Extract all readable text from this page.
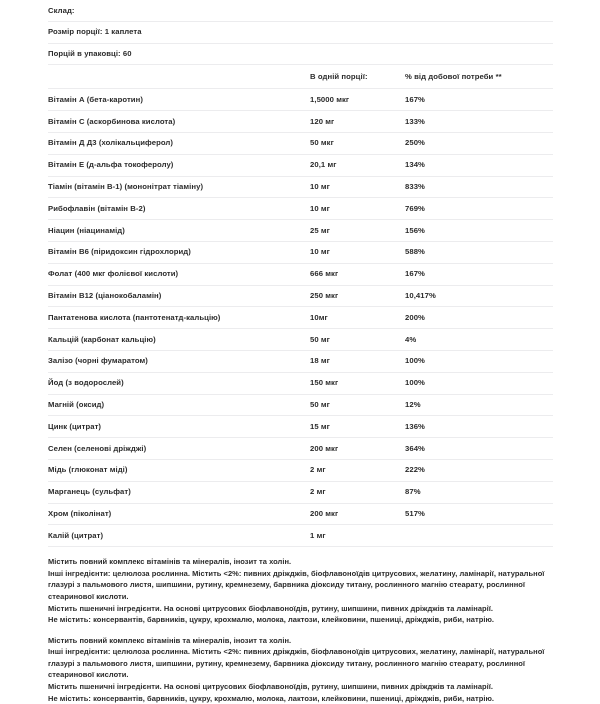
Склад:		
Розмір порції: 1 каплета		
Порцій в упаковці: 60		
	В одній порції:	% від добової потреби **
Вітамін А (бета-каротин)	1,5000 мкг	167%
Вітамін С (аскорбинова кислота)	120 мг	133%
Вітамін Д Д3 (холікальциферол)	50 мкг	250%
Вітамін Е (д-альфа токоферолу)	20,1 мг	134%
Тіамін (вітамін В-1) (мононітрат тіаміну)	10 мг	833%
Рибофлавін (вітамін В-2)	10 мг	769%
Ніацин (ніацинамід)	25 мг	156%
Вітамін В6 (піридоксин гідрохлорид)	10 мг	588%
Фолат (400 мкг фолієвої кислоти)	666 мкг	167%
Вітамін В12 (ціанокобаламін)	250 мкг	10,417%
Пантатенова кислота (пантотенатд-кальцію)	10мг	200%
Кальцій (карбонат кальцію)	50 мг	4%
Залізо (чорні фумаратом)	18 мг	100%
Йод (з водорослей)	150 мкг	100%
Магній (оксид)	50 мг	12%
Цинк (цитрат)	15 мг	136%
Селен (селенові дріжджі)	200 мкг	364%
Мідь (глюконат міді)	2 мг	222%
Марганець (сульфат)	2 мг	87%
Хром (піколінат)	200 мкг	517%
Калій (цитрат)	1 мг	
Містить повний комплекс вітамінів та мінералів, інозит та холін.
Інші інгредієнти: целюлоза рослинна. Містить <2%: пивних дріжджів, біофлавоноїдів цитрусових, желатину, ламінарії, натуральної глазурі з пальмового листя, шипшини, рутину, кремнезему, барвника діоксиду титану, рослинного магнію стеарату, рослинної стеаринової кислоти.
Містить пшеничні інгредієнти. На основі цитрусових біофлавоноїдів, рутину, шипшини, пивних дріжджів та ламінарії.
Не містить: консервантів, барвників, цукру, крохмалю, молока, лактози, клейковини, пшениці, дріжджів, риби, натрію.
Містить повний комплекс вітамінів та мінералів, інозит та холін.
Інші інгредієнти: целюлоза рослинна. Містить <2%: пивних дріжджів, біофлавоноїдів цитрусових, желатину, ламінарії, натуральної глазурі з пальмового листя, шипшини, рутину, кремнезему, барвника діоксиду титану, рослинного магнію стеарату, рослинної стеаринової кислоти.
Містить пшеничні інгредієнти. На основі цитрусових біофлавоноїдів, рутину, шипшини, пивних дріжджів та ламінарії.
Не містить: консервантів, барвників, цукру, крохмалю, молока, лактози, клейковини, пшениці, дріжджів, риби, натрію.
